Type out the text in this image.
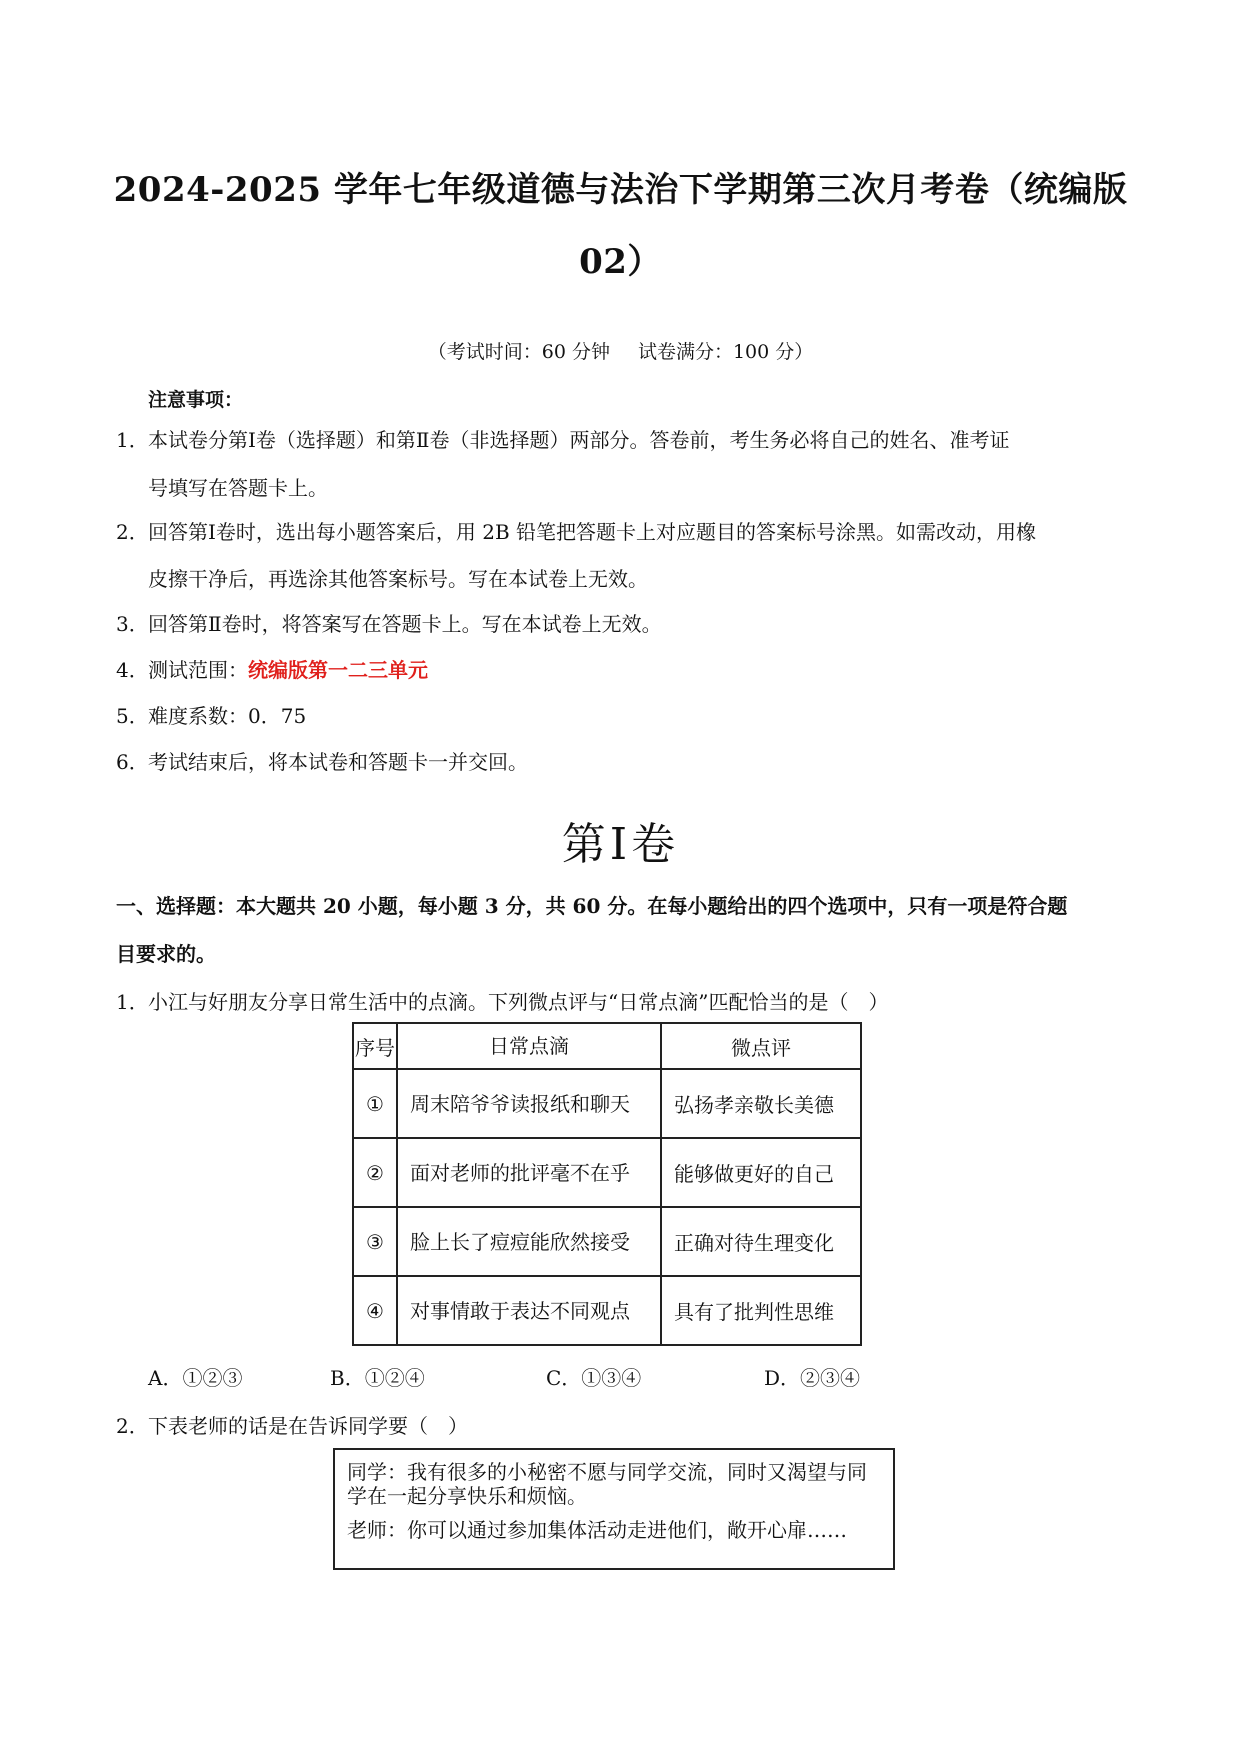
2024-2025 学年七年级道德与法治下学期第三次月考卷（统编版
02）
（考试时间：60 分钟 试卷满分：100 分）
注意事项：
1．本试卷分第Ⅰ卷（选择题）和第Ⅱ卷（非选择题）两部分。答卷前，考生务必将自己的姓名、准考证
号填写在答题卡上。
2．回答第Ⅰ卷时，选出每小题答案后，用 2B 铅笔把答题卡上对应题目的答案标号涂黑。如需改动，用橡
皮擦干净后，再选涂其他答案标号。写在本试卷上无效。
3．回答第Ⅱ卷时，将答案写在答题卡上。写在本试卷上无效。
4．测试范围：统编版第一二三单元
5．难度系数：0．75
6．考试结束后，将本试卷和答题卡一并交回。
第Ⅰ卷
一、选择题：本大题共 20 小题，每小题 3 分，共 60 分。在每小题给出的四个选项中，只有一项是符合题
目要求的。
1．小江与好朋友分享日常生活中的点滴。下列微点评与“日常点滴”匹配恰当的是（　）
序号	日常点滴	微点评
①	周末陪爷爷读报纸和聊天	弘扬孝亲敬长美德
②	面对老师的批评毫不在乎	能够做更好的自己
③	脸上长了痘痘能欣然接受	正确对待生理变化
④	对事情敢于表达不同观点	具有了批判性思维
A．①②③	B．①②④	C．①③④	D．②③④
2．下表老师的话是在告诉同学要（　）

同学：我有很多的小秘密不愿与同学交流，同时又渴望与同学在一起分享快乐和烦恼。

老师：你可以通过参加集体活动走进他们，敞开心扉……
